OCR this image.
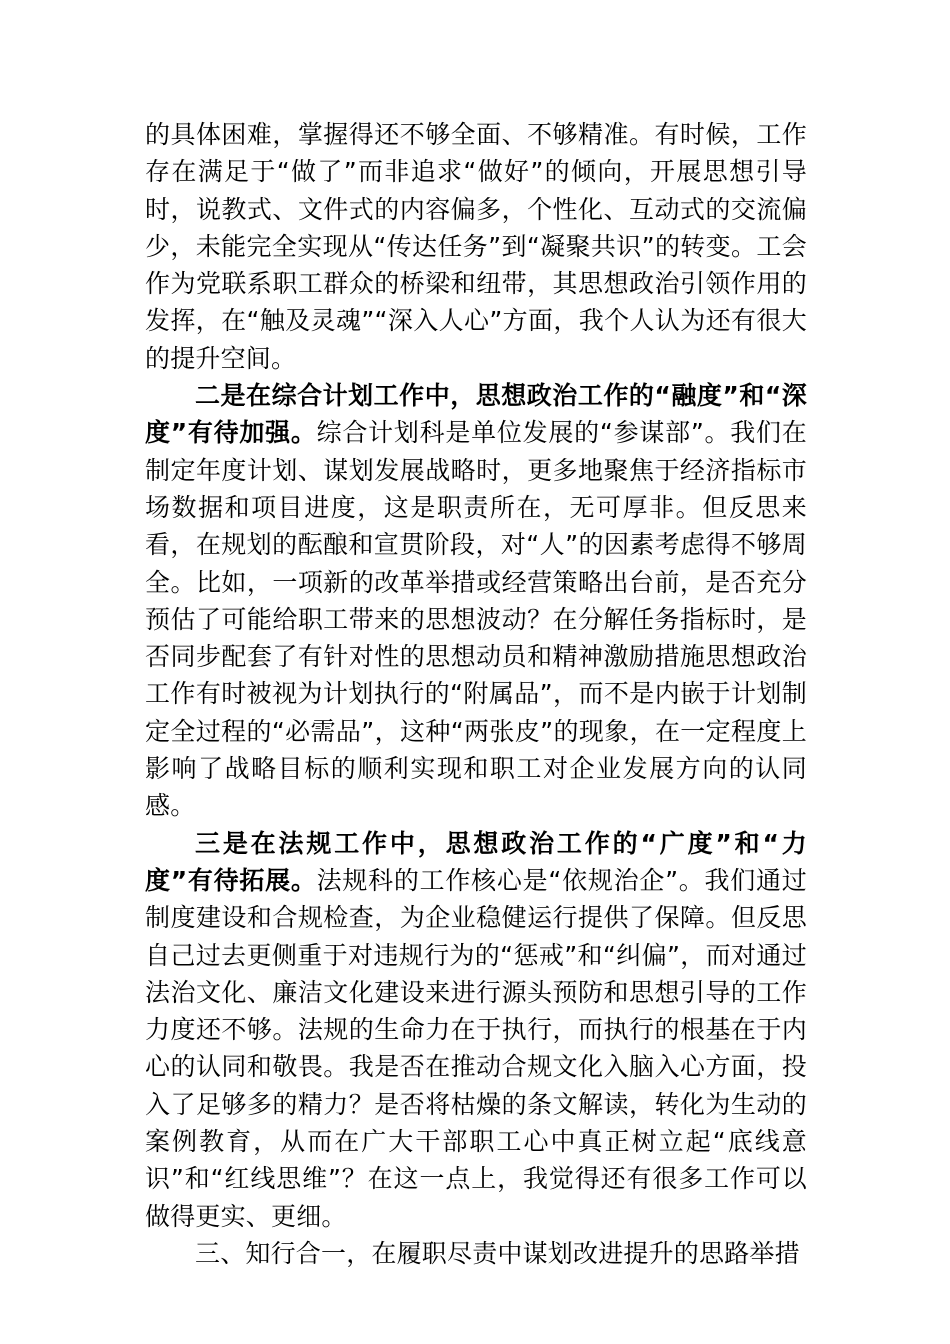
的具体困难，掌握得还不够全面、不够精准。有时候，工作存在满足于“做了”而非追求“做好”的倾向，开展思想引导时，说教式、文件式的内容偏多，个性化、互动式的交流偏少，未能完全实现从“传达任务”到“凝聚共识”的转变。工会作为党联系职工群众的桥梁和纽带，其思想政治引领作用的发挥，在“触及灵魂”“深入人心”方面，我个人认为还有很大的提升空间。

二是在综合计划工作中，思想政治工作的“融度”和“深度”有待加强。综合计划科是单位发展的“参谋部”。我们在制定年度计划、谋划发展战略时，更多地聚焦于经济指标市场数据和项目进度，这是职责所在，无可厚非。但反思来看，在规划的酝酿和宣贯阶段，对“人”的因素考虑得不够周全。比如，一项新的改革举措或经营策略出台前，是否充分预估了可能给职工带来的思想波动？在分解任务指标时，是否同步配套了有针对性的思想动员和精神激励措施思想政治工作有时被视为计划执行的“附属品”，而不是内嵌于计划制定全过程的“必需品”，这种“两张皮”的现象，在一定程度上影响了战略目标的顺利实现和职工对企业发展方向的认同感。

三是在法规工作中，思想政治工作的“广度”和“力度”有待拓展。法规科的工作核心是“依规治企”。我们通过制度建设和合规检查，为企业稳健运行提供了保障。但反思自己过去更侧重于对违规行为的“惩戒”和“纠偏”，而对通过法治文化、廉洁文化建设来进行源头预防和思想引导的工作力度还不够。法规的生命力在于执行，而执行的根基在于内心的认同和敬畏。我是否在推动合规文化入脑入心方面，投入了足够多的精力？是否将枯燥的条文解读，转化为生动的案例教育，从而在广大干部职工心中真正树立起“底线意识”和“红线思维”？在这一点上，我觉得还有很多工作可以做得更实、更细。

三、知行合一，在履职尽责中谋划改进提升的思路举措
